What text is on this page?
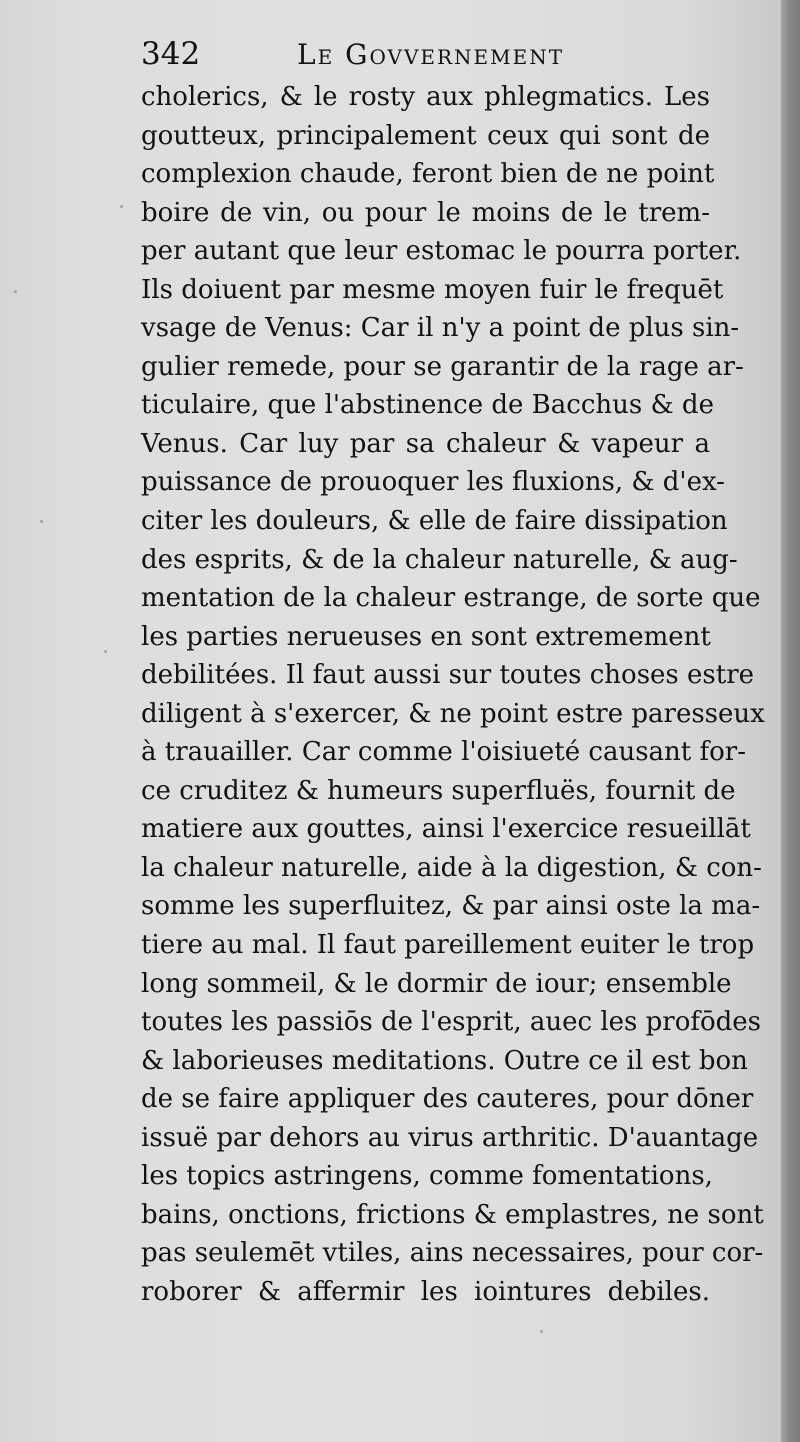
342	Le Govvernement
cholerics, & le rosty aux phlegmatics. Les
goutteux, principalement ceux qui sont de
complexion chaude, feront bien de ne point
boire de vin, ou pour le moins de le trem-
per autant que leur estomac le pourra porter.
Ils doiuent par mesme moyen fuir le frequēt
vsage de Venus: Car il n'y a point de plus sin-
gulier remede, pour se garantir de la rage ar-
ticulaire, que l'abstinence de Bacchus & de
Venus. Car luy par sa chaleur & vapeur a
puissance de prouoquer les fluxions, & d'ex-
citer les douleurs, & elle de faire dissipation
des esprits, & de la chaleur naturelle, & aug-
mentation de la chaleur estrange, de sorte que
les parties nerueuses en sont extremement
debilitées. Il faut aussi sur toutes choses estre
diligent à s'exercer, & ne point estre paresseux
à trauailler. Car comme l'oisiueté causant for-
ce cruditez & humeurs superfluës, fournit de
matiere aux gouttes, ainsi l'exercice resueillāt
la chaleur naturelle, aide à la digestion, & con-
somme les superfluitez, & par ainsi oste la ma-
tiere au mal. Il faut pareillement euiter le trop
long sommeil, & le dormir de iour; ensemble
toutes les passiōs de l'esprit, auec les profōdes
& laborieuses meditations. Outre ce il est bon
de se faire appliquer des cauteres, pour dōner
issuë par dehors au virus arthritic. D'auantage
les topics astringens, comme fomentations,
bains, onctions, frictions & emplastres, ne sont
pas seulemēt vtiles, ains necessaires, pour cor-
roborer & affermir les iointures debiles.
